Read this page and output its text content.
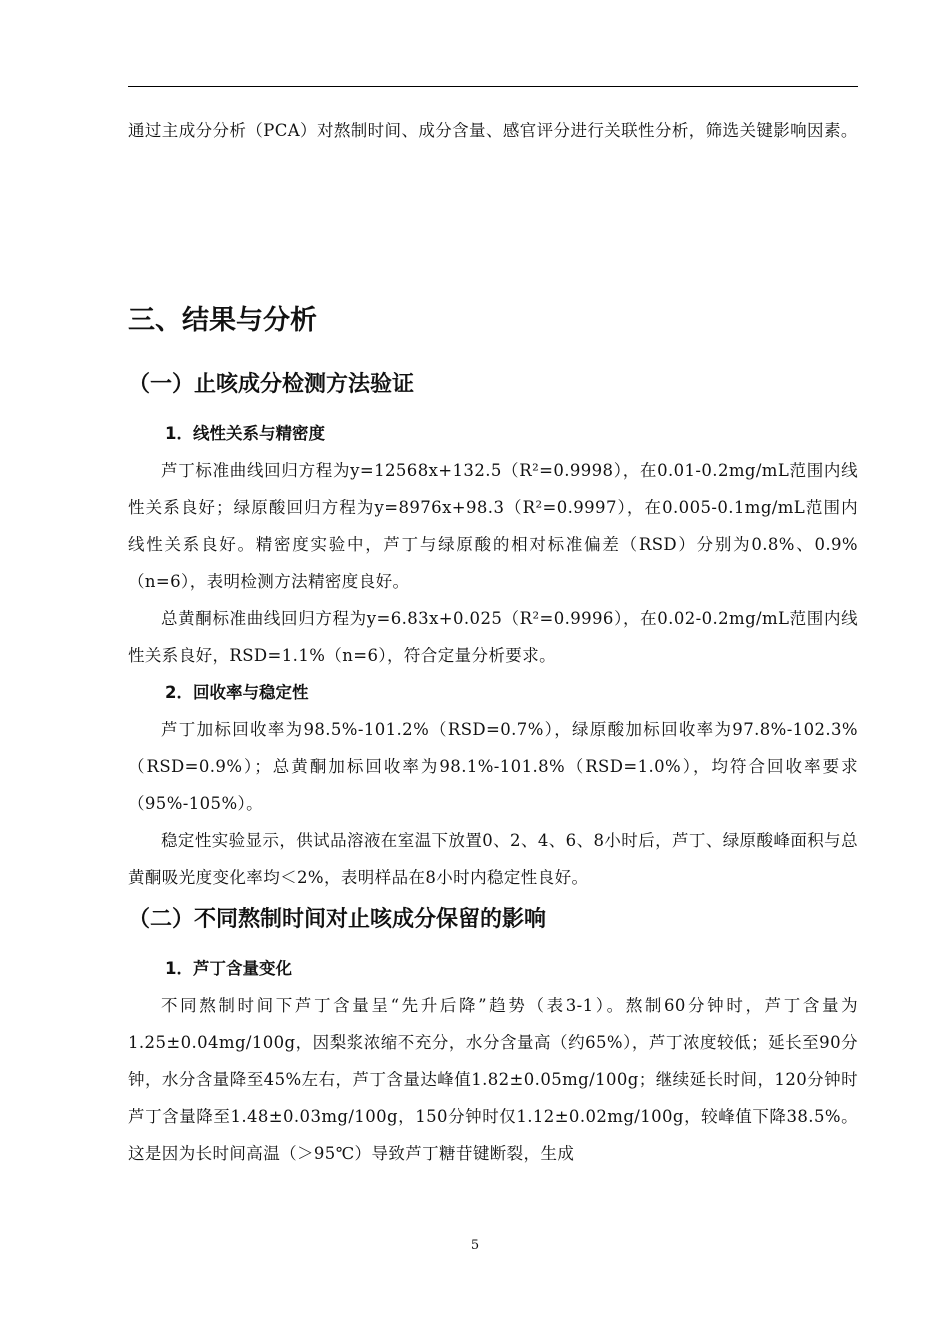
通过主成分分析（PCA）对熬制时间、成分含量、感官评分进行关联性分析，筛选关键影响因素。

三、结果与分析
（一）止咳成分检测方法验证
1．线性关系与精密度

芦丁标准曲线回归方程为y=12568x+132.5（R²=0.9998），在0.01-0.2mg/mL范围内线性关系良好；绿原酸回归方程为y=8976x+98.3（R²=0.9997），在0.005-0.1mg/mL范围内线性关系良好。精密度实验中，芦丁与绿原酸的相对标准偏差（RSD）分别为0.8%、0.9%（n=6），表明检测方法精密度良好。

总黄酮标准曲线回归方程为y=6.83x+0.025（R²=0.9996），在0.02-0.2mg/mL范围内线性关系良好，RSD=1.1%（n=6），符合定量分析要求。

2．回收率与稳定性

芦丁加标回收率为98.5%-101.2%（RSD=0.7%），绿原酸加标回收率为97.8%-102.3%（RSD=0.9%）；总黄酮加标回收率为98.1%-101.8%（RSD=1.0%），均符合回收率要求（95%-105%）。

稳定性实验显示，供试品溶液在室温下放置0、2、4、6、8小时后，芦丁、绿原酸峰面积与总黄酮吸光度变化率均＜2%，表明样品在8小时内稳定性良好。

（二）不同熬制时间对止咳成分保留的影响
1．芦丁含量变化

不同熬制时间下芦丁含量呈“先升后降”趋势（表3-1）。熬制60分钟时，芦丁含量为1.25±0.04mg/100g，因梨浆浓缩不充分，水分含量高（约65%），芦丁浓度较低；延长至90分钟，水分含量降至45%左右，芦丁含量达峰值1.82±0.05mg/100g；继续延长时间，120分钟时芦丁含量降至1.48±0.03mg/100g，150分钟时仅1.12±0.02mg/100g，较峰值下降38.5%。这是因为长时间高温（＞95℃）导致芦丁糖苷键断裂，生成

5
